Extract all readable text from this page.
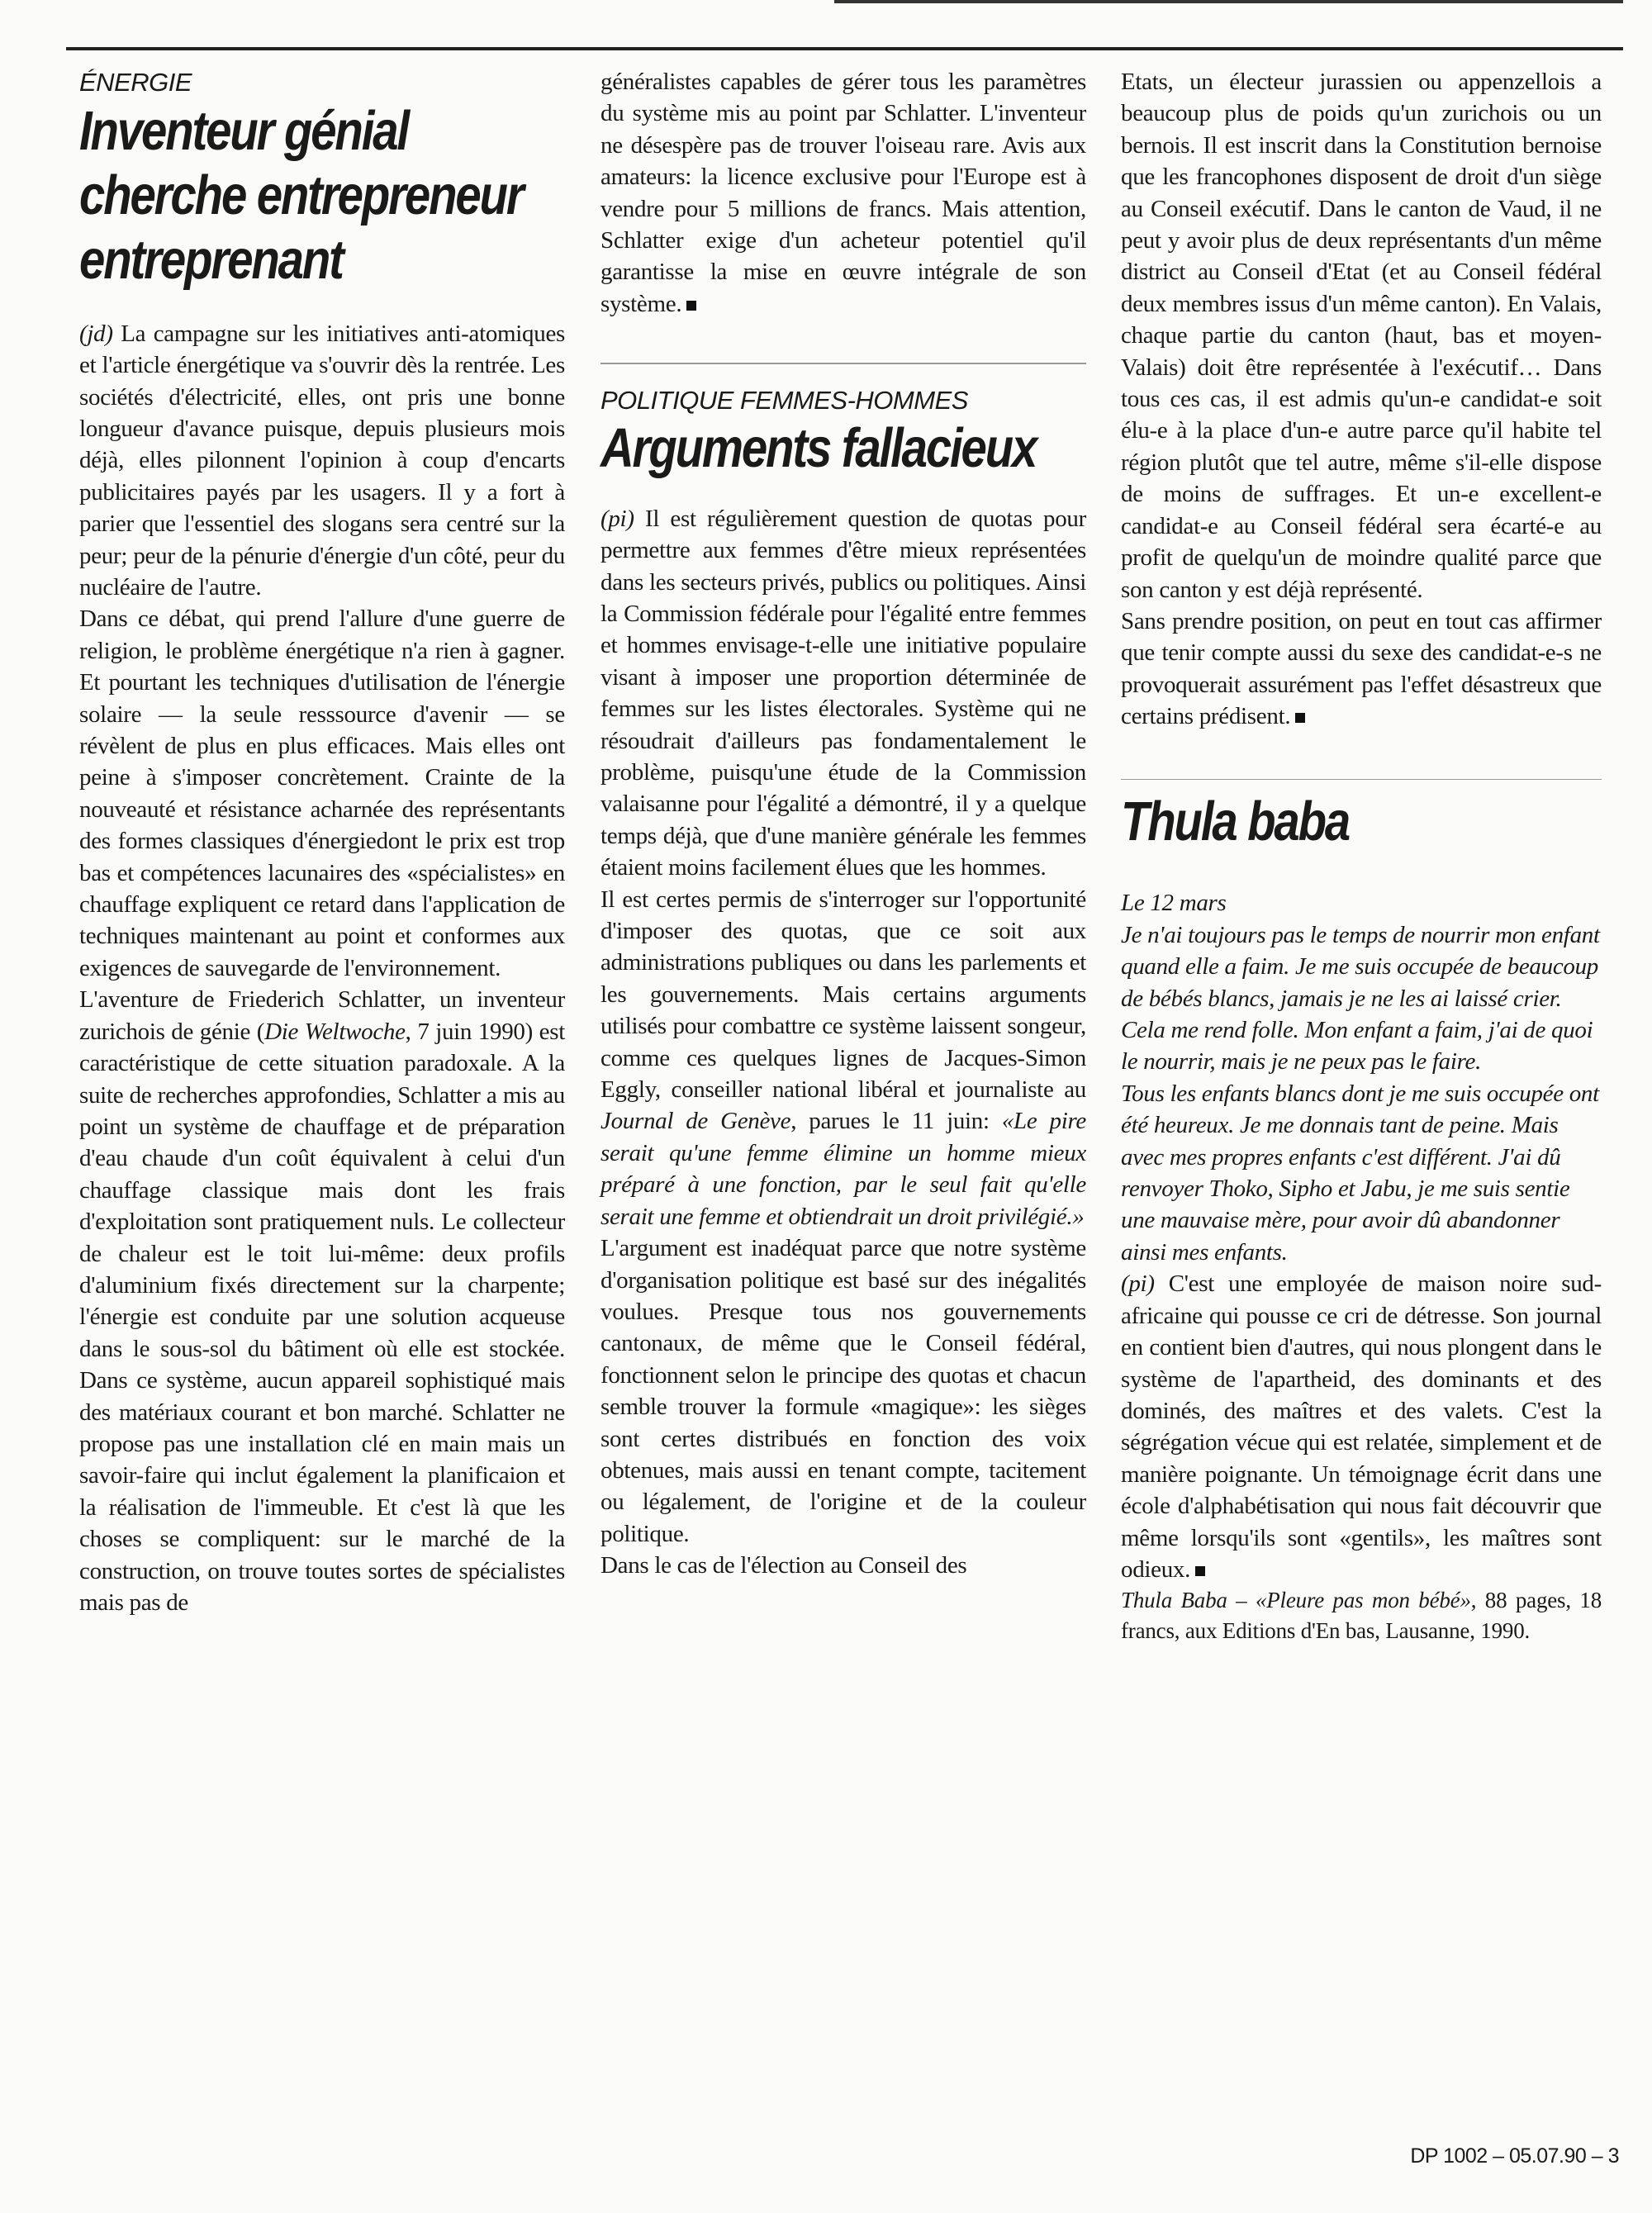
ÉNERGIE
Inventeur génial cherche entrepreneur entreprenant

(jd) La campagne sur les initiatives anti-atomiques et l'article énergétique va s'ouvrir dès la rentrée. Les sociétés d'électricité, elles, ont pris une bonne longueur d'avance puisque, depuis plusieurs mois déjà, elles pilonnent l'opinion à coup d'encarts publicitaires payés par les usagers. Il y a fort à parier que l'essentiel des slogans sera centré sur la peur; peur de la pénurie d'énergie d'un côté, peur du nucléaire de l'autre.

Dans ce débat, qui prend l'allure d'une guerre de religion, le problème énergétique n'a rien à gagner. Et pourtant les techniques d'utilisation de l'énergie solaire — la seule resssource d'avenir — se révèlent de plus en plus efficaces. Mais elles ont peine à s'imposer concrètement. Crainte de la nouveauté et résistance acharnée des représentants des formes classiques d'énergiedont le prix est trop bas et compétences lacunaires des «spécialistes» en chauffage expliquent ce retard dans l'application de techniques maintenant au point et conformes aux exigences de sauvegarde de l'environnement.

L'aventure de Friederich Schlatter, un inventeur zurichois de génie (Die Weltwoche, 7 juin 1990) est caractéristique de cette situation paradoxale. A la suite de recherches approfondies, Schlatter a mis au point un système de chauffage et de préparation d'eau chaude d'un coût équivalent à celui d'un chauffage classique mais dont les frais d'exploitation sont pratiquement nuls. Le collecteur de chaleur est le toit lui-même: deux profils d'aluminium fixés directement sur la charpente; l'énergie est conduite par une solution acqueuse dans le sous-sol du bâtiment où elle est stockée. Dans ce système, aucun appareil sophistiqué mais des matériaux courant et bon marché. Schlatter ne propose pas une installation clé en main mais un savoir-faire qui inclut également la planificaion et la réalisation de l'immeuble. Et c'est là que les choses se compliquent: sur le marché de la construction, on trouve toutes sortes de spécialistes mais pas de

généralistes capables de gérer tous les paramètres du système mis au point par Schlatter. L'inventeur ne désespère pas de trouver l'oiseau rare. Avis aux amateurs: la licence exclusive pour l'Europe est à vendre pour 5 millions de francs. Mais attention, Schlatter exige d'un acheteur potentiel qu'il garantisse la mise en œuvre intégrale de son système.

POLITIQUE FEMMES-HOMMES
Arguments fallacieux

(pi) Il est régulièrement question de quotas pour permettre aux femmes d'être mieux représentées dans les secteurs privés, publics ou politiques. Ainsi la Commission fédérale pour l'égalité entre femmes et hommes envisage-t-elle une initiative populaire visant à imposer une proportion déterminée de femmes sur les listes électorales. Système qui ne résoudrait d'ailleurs pas fondamentalement le problème, puisqu'une étude de la Commission valaisanne pour l'égalité a démontré, il y a quelque temps déjà, que d'une manière générale les femmes étaient moins facilement élues que les hommes.

Il est certes permis de s'interroger sur l'opportunité d'imposer des quotas, que ce soit aux administrations publiques ou dans les parlements et les gouvernements. Mais certains arguments utilisés pour combattre ce système laissent songeur, comme ces quelques lignes de Jacques-Simon Eggly, conseiller national libéral et journaliste au Journal de Genève, parues le 11 juin: «Le pire serait qu'une femme élimine un homme mieux préparé à une fonction, par le seul fait qu'elle serait une femme et obtiendrait un droit privilégié.»

L'argument est inadéquat parce que notre système d'organisation politique est basé sur des inégalités voulues. Presque tous nos gouvernements cantonaux, de même que le Conseil fédéral, fonctionnent selon le principe des quotas et chacun semble trouver la formule «magique»: les sièges sont certes distribués en fonction des voix obtenues, mais aussi en tenant compte, tacitement ou légalement, de l'origine et de la couleur politique.

Dans le cas de l'élection au Conseil des

Etats, un électeur jurassien ou appenzellois a beaucoup plus de poids qu'un zurichois ou un bernois. Il est inscrit dans la Constitution bernoise que les francophones disposent de droit d'un siège au Conseil exécutif. Dans le canton de Vaud, il ne peut y avoir plus de deux représentants d'un même district au Conseil d'Etat (et au Conseil fédéral deux membres issus d'un même canton). En Valais, chaque partie du canton (haut, bas et moyen-Valais) doit être représentée à l'exécutif… Dans tous ces cas, il est admis qu'un-e candidat-e soit élu-e à la place d'un-e autre parce qu'il habite tel région plutôt que tel autre, même s'il-elle dispose de moins de suffrages. Et un-e excellent-e candidat-e au Conseil fédéral sera écarté-e au profit de quelqu'un de moindre qualité parce que son canton y est déjà représenté.

Sans prendre position, on peut en tout cas affirmer que tenir compte aussi du sexe des candidat-e-s ne provoquerait assurément pas l'effet désastreux que certains prédisent.

Thula baba

Le 12 mars

Je n'ai toujours pas le temps de nourrir mon enfant quand elle a faim. Je me suis occupée de beaucoup de bébés blancs, jamais je ne les ai laissé crier. Cela me rend folle. Mon enfant a faim, j'ai de quoi le nourrir, mais je ne peux pas le faire.

Tous les enfants blancs dont je me suis occupée ont été heureux. Je me donnais tant de peine. Mais avec mes propres enfants c'est différent. J'ai dû renvoyer Thoko, Sipho et Jabu, je me suis sentie une mauvaise mère, pour avoir dû abandonner ainsi mes enfants.

(pi) C'est une employée de maison noire sud-africaine qui pousse ce cri de détresse. Son journal en contient bien d'autres, qui nous plongent dans le système de l'apartheid, des dominants et des dominés, des maîtres et des valets. C'est la ségrégation vécue qui est relatée, simplement et de manière poignante. Un témoignage écrit dans une école d'alphabétisation qui nous fait découvrir que même lorsqu'ils sont «gentils», les maîtres sont odieux.

Thula Baba – «Pleure pas mon bébé», 88 pages, 18 francs, aux Editions d'En bas, Lausanne, 1990.

DP 1002 – 05.07.90 – 3
